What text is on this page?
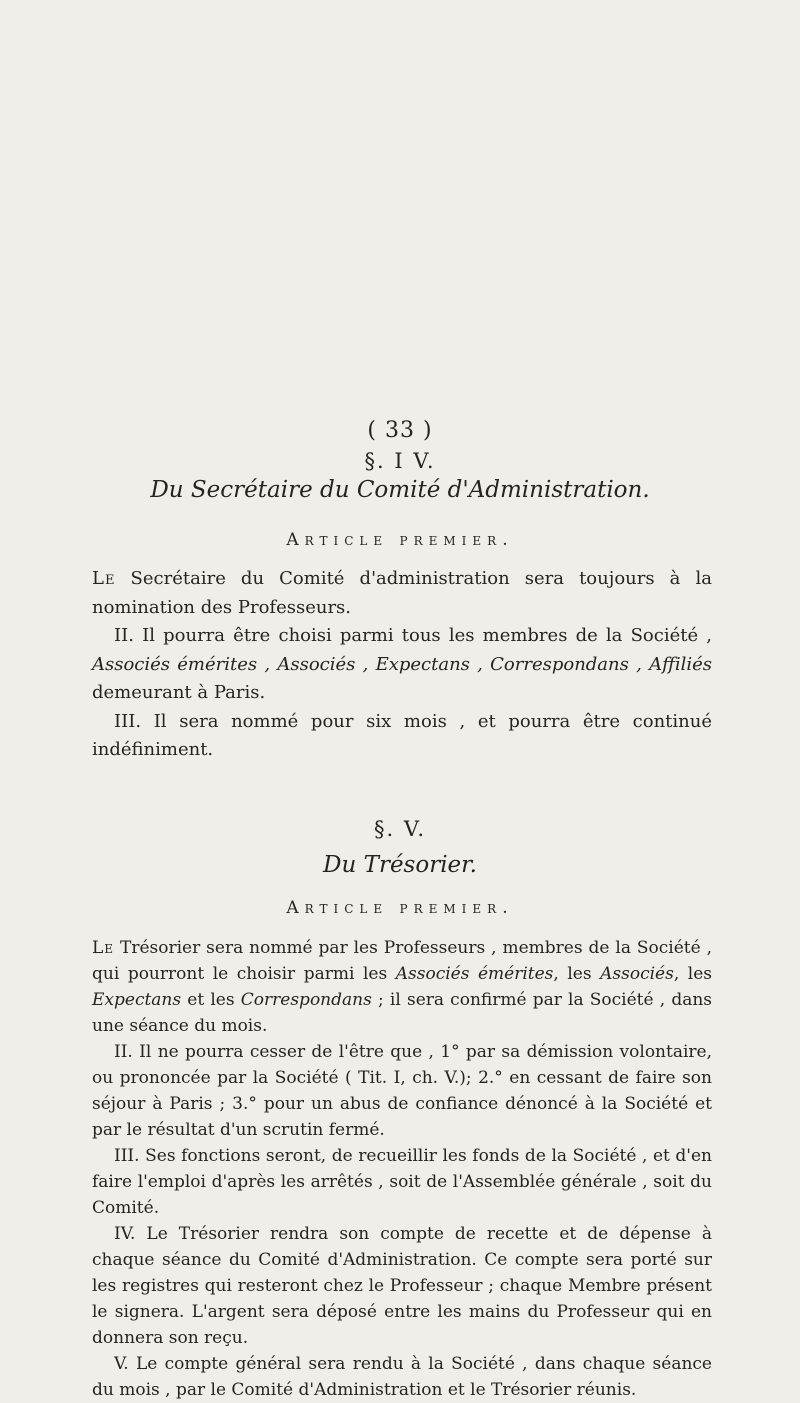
( 33 )
§. I V.
Du Secrétaire du Comité d'Administration.
Article premier.

Le Secrétaire du Comité d'administration sera toujours à la nomination des Professeurs.

II. Il pourra être choisi parmi tous les membres de la Société , Associés émérites , Associés , Expectans , Correspondans , Affiliés demeurant à Paris.

III. Il sera nommé pour six mois , et pourra être continué indéfiniment.

§. V.
Du Trésorier.
Article premier.

Le Trésorier sera nommé par les Professeurs , membres de la Société , qui pourront le choisir parmi les Associés émérites, les Associés, les Expectans et les Correspondans ; il sera confirmé par la Société , dans une séance du mois.

II. Il ne pourra cesser de l'être que , 1° par sa démission volontaire, ou prononcée par la Société ( Tit. I, ch. V.); 2.° en cessant de faire son séjour à Paris ; 3.° pour un abus de confiance dénoncé à la Société et par le résultat d'un scrutin fermé.

III. Ses fonctions seront, de recueillir les fonds de la Société , et d'en faire l'emploi d'après les arrêtés , soit de l'Assemblée générale , soit du Comité.

IV. Le Trésorier rendra son compte de recette et de dépense à chaque séance du Comité d'Administration. Ce compte sera porté sur les registres qui resteront chez le Professeur ; chaque Membre présent le signera. L'argent sera déposé entre les mains du Professeur qui en donnera son reçu.

V. Le compte général sera rendu à la Société , dans chaque séance du mois , par le Comité d'Administration et le Trésorier réunis.
